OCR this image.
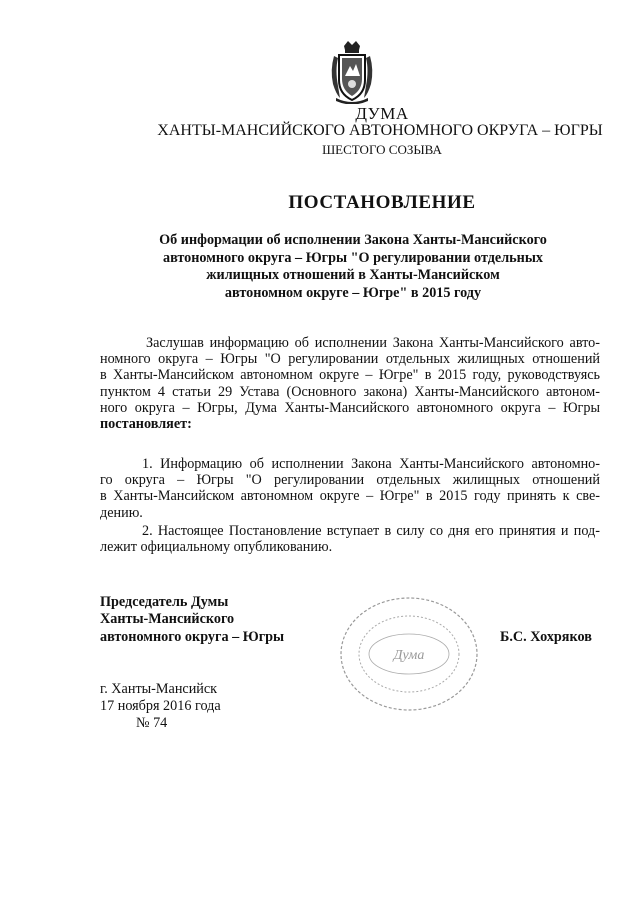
ДУМА
ХАНТЫ-МАНСИЙСКОГО АВТОНОМНОГО ОКРУГА – ЮГРЫ
ШЕСТОГО СОЗЫВА
ПОСТАНОВЛЕНИЕ
Об информации об исполнении Закона Ханты-Мансийского
автономного округа – Югры "О регулировании отдельных
жилищных отношений в Ханты-Мансийском
автономном округе – Югре" в 2015 году
Заслушав информацию об исполнении Закона Ханты-Мансийского авто-
номного округа – Югры "О регулировании отдельных жилищных отношений
в Ханты-Мансийском автономном округе – Югре" в 2015 году, руководствуясь
пунктом 4 статьи 29 Устава (Основного закона) Ханты-Мансийского автоном-
ного округа – Югры, Дума Ханты-Мансийского автономного округа – Югры
постановляет:
1. Информацию об исполнении Закона Ханты-Мансийского автономно-
го округа – Югры "О регулировании отдельных жилищных отношений
в Ханты-Мансийском автономном округе – Югре" в 2015 году принять к све-
дению.
2. Настоящее Постановление вступает в силу со дня его принятия и под-
лежит официальному опубликованию.
Председатель Думы
Ханты-Мансийского
автономного округа – Югры
Дума
Б.С. Хохряков
г. Ханты-Мансийск
17 ноября 2016 года
№ 74
